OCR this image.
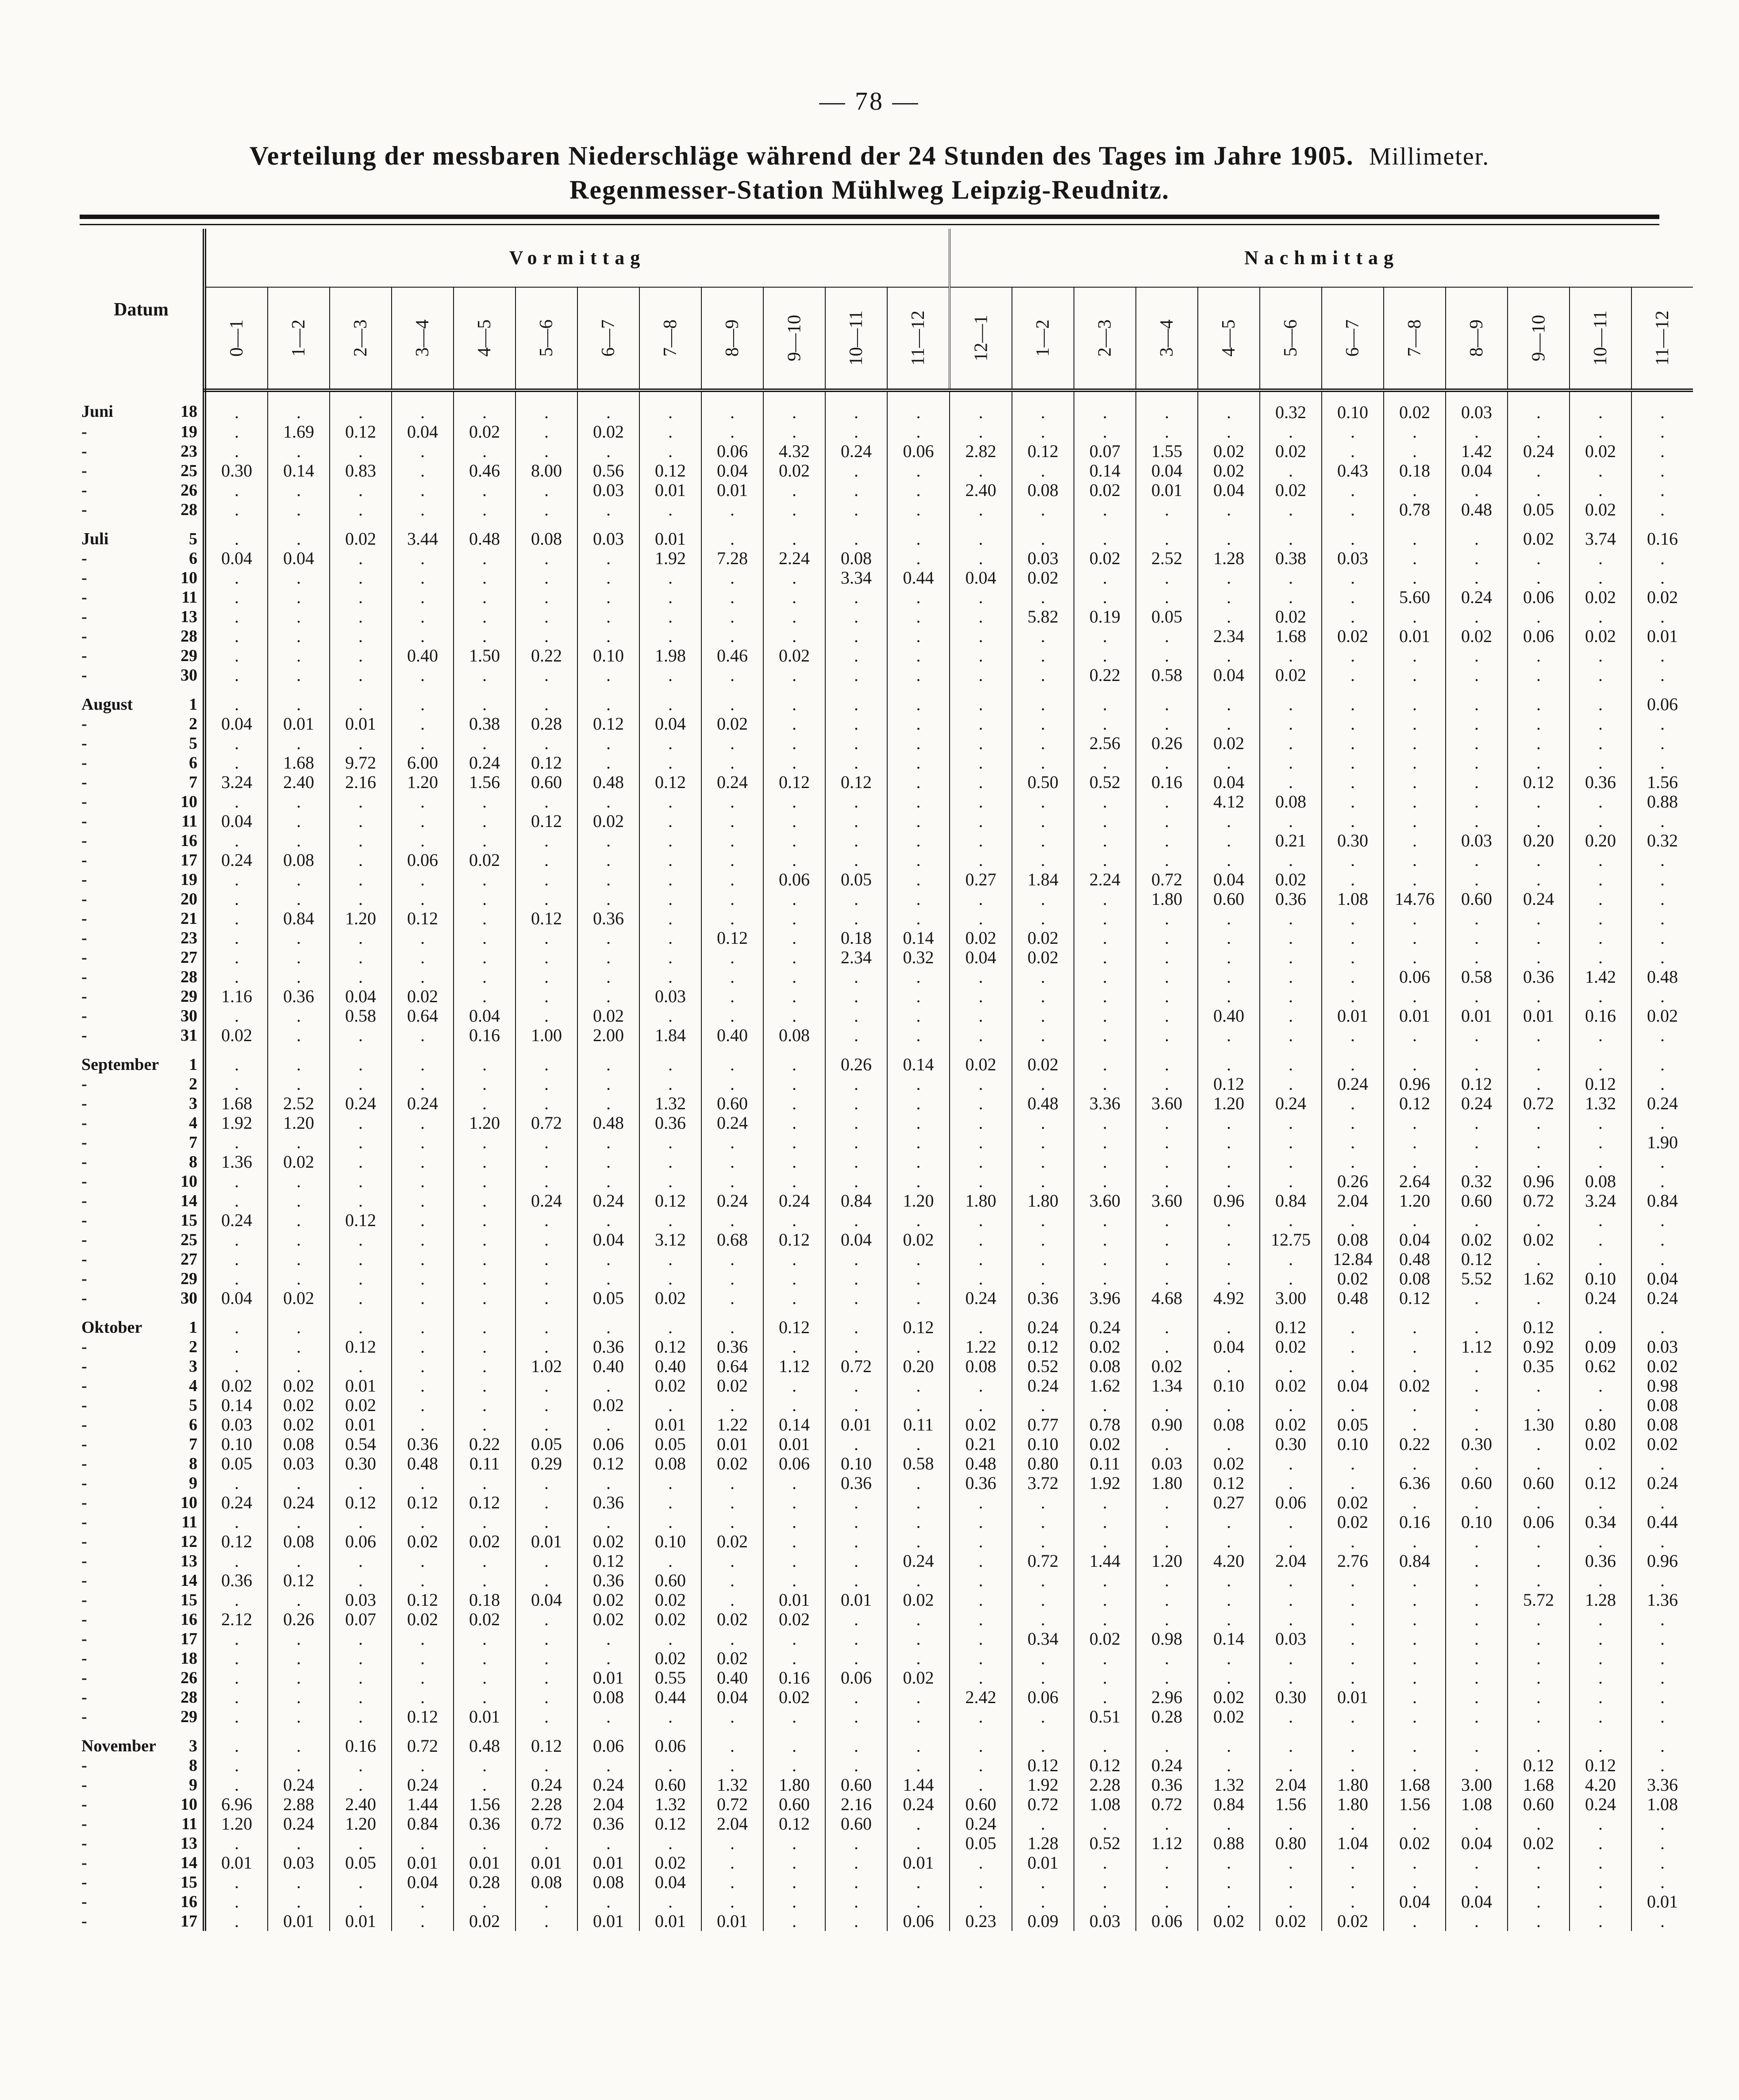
— 78 —
Verteilung der messbaren Niederschläge während der 24 Stunden des Tages im Jahre 1905. Millimeter.
Regenmesser-Station Mühlweg Leipzig-Reudnitz.
Datum	Vormittag												Nachmittag											
	0—1	1—2	2—3	3—4	4—5	5—6	6—7	7—8	8—9	9—10	10—11	11—12	12—1	1—2	2—3	3—4	4—5	5—6	6—7	7—8	8—9	9—10	10—11	11—12

Juni 18	.	.	.	.	.	.	.	.	.	.	.	.	.	.	.	.	.	0.32	0.10	0.02	0.03	.	.	.

- 19	.	1.69	0.12	0.04	0.02	.	0.02	.	.	.	.	.	.	.	.	.	.	.	.	.	.	.	.	.

- 23	.	.	.	.	.	.	.	.	0.06	4.32	0.24	0.06	2.82	0.12	0.07	1.55	0.02	0.02	.	.	1.42	0.24	0.02	.

- 25	0.30	0.14	0.83	.	0.46	8.00	0.56	0.12	0.04	0.02	.	.	.	.	0.14	0.04	0.02	.	0.43	0.18	0.04	.	.	.

- 26	.	.	.	.	.	.	0.03	0.01	0.01	.	.	.	2.40	0.08	0.02	0.01	0.04	0.02	.	.	.	.	.	.

- 28	.	.	.	.	.	.	.	.	.	.	.	.	.	.	.	.	.	.	.	0.78	0.48	0.05	0.02	.

Juli 5	.	.	0.02	3.44	0.48	0.08	0.03	0.01	.	.	.	.	.	.	.	.	.	.	.	.	.	0.02	3.74	0.16

- 6	0.04	0.04	.	.	.	.	.	1.92	7.28	2.24	0.08	.	.	0.03	0.02	2.52	1.28	0.38	0.03	.	.	.	.	.

- 10	.	.	.	.	.	.	.	.	.	.	3.34	0.44	0.04	0.02	.	.	.	.	.	.	.	.	.	.

- 11	.	.	.	.	.	.	.	.	.	.	.	.	.	.	.	.	.	.	.	5.60	0.24	0.06	0.02	0.02

- 13	.	.	.	.	.	.	.	.	.	.	.	.	.	5.82	0.19	0.05	.	0.02	.	.	.	.	.	.

- 28	.	.	.	.	.	.	.	.	.	.	.	.	.	.	.	.	2.34	1.68	0.02	0.01	0.02	0.06	0.02	0.01

- 29	.	.	.	0.40	1.50	0.22	0.10	1.98	0.46	0.02	.	.	.	.	.	.	.	.	.	.	.	.	.	.

- 30	.	.	.	.	.	.	.	.	.	.	.	.	.	.	0.22	0.58	0.04	0.02	.	.	.	.	.	.

August 1	.	.	.	.	.	.	.	.	.	.	.	.	.	.	.	.	.	.	.	.	.	.	.	0.06

- 2	0.04	0.01	0.01	.	0.38	0.28	0.12	0.04	0.02	.	.	.	.	.	.	.	.	.	.	.	.	.	.	.

- 5	.	.	.	.	.	.	.	.	.	.	.	.	.	.	2.56	0.26	0.02	.	.	.	.	.	.	.

- 6	.	1.68	9.72	6.00	0.24	0.12	.	.	.	.	.	.	.	.	.	.	.	.	.	.	.	.	.	.

- 7	3.24	2.40	2.16	1.20	1.56	0.60	0.48	0.12	0.24	0.12	0.12	.	.	0.50	0.52	0.16	0.04	.	.	.	.	0.12	0.36	1.56

- 10	.	.	.	.	.	.	.	.	.	.	.	.	.	.	.	.	4.12	0.08	.	.	.	.	.	0.88

- 11	0.04	.	.	.	.	0.12	0.02	.	.	.	.	.	.	.	.	.	.	.	.	.	.	.	.	.

- 16	.	.	.	.	.	.	.	.	.	.	.	.	.	.	.	.	.	0.21	0.30	.	0.03	0.20	0.20	0.32

- 17	0.24	0.08	.	0.06	0.02	.	.	.	.	.	.	.	.	.	.	.	.	.	.	.	.	.	.	.

- 19	.	.	.	.	.	.	.	.	.	0.06	0.05	.	0.27	1.84	2.24	0.72	0.04	0.02	.	.	.	.	.	.

- 20	.	.	.	.	.	.	.	.	.	.	.	.	.	.	.	1.80	0.60	0.36	1.08	14.76	0.60	0.24	.	.

- 21	.	0.84	1.20	0.12	.	0.12	0.36	.	.	.	.	.	.	.	.	.	.	.	.	.	.	.	.	.

- 23	.	.	.	.	.	.	.	.	0.12	.	0.18	0.14	0.02	0.02	.	.	.	.	.	.	.	.	.	.

- 27	.	.	.	.	.	.	.	.	.	.	2.34	0.32	0.04	0.02	.	.	.	.	.	.	.	.	.	.

- 28	.	.	.	.	.	.	.	.	.	.	.	.	.	.	.	.	.	.	.	0.06	0.58	0.36	1.42	0.48

- 29	1.16	0.36	0.04	0.02	.	.	.	0.03	.	.	.	.	.	.	.	.	.	.	.	.	.	.	.	.

- 30	.	.	0.58	0.64	0.04	.	0.02	.	.	.	.	.	.	.	.	.	0.40	.	0.01	0.01	0.01	0.01	0.16	0.02

- 31	0.02	.	.	.	0.16	1.00	2.00	1.84	0.40	0.08	.	.	.	.	.	.	.	.	.	.	.	.	.	.

September 1	.	.	.	.	.	.	.	.	.	.	0.26	0.14	0.02	0.02	.	.	.	.	.	.	.	.	.	.

- 2	.	.	.	.	.	.	.	.	.	.	.	.	.	.	.	.	0.12	.	0.24	0.96	0.12	.	0.12	.

- 3	1.68	2.52	0.24	0.24	.	.	.	1.32	0.60	.	.	.	.	0.48	3.36	3.60	1.20	0.24	.	0.12	0.24	0.72	1.32	0.24

- 4	1.92	1.20	.	.	1.20	0.72	0.48	0.36	0.24	.	.	.	.	.	.	.	.	.	.	.	.	.	.	.

- 7	.	.	.	.	.	.	.	.	.	.	.	.	.	.	.	.	.	.	.	.	.	.	.	1.90

- 8	1.36	0.02	.	.	.	.	.	.	.	.	.	.	.	.	.	.	.	.	.	.	.	.	.	.

- 10	.	.	.	.	.	.	.	.	.	.	.	.	.	.	.	.	.	.	0.26	2.64	0.32	0.96	0.08	.

- 14	.	.	.	.	.	0.24	0.24	0.12	0.24	0.24	0.84	1.20	1.80	1.80	3.60	3.60	0.96	0.84	2.04	1.20	0.60	0.72	3.24	0.84

- 15	0.24	.	0.12	.	.	.	.	.	.	.	.	.	.	.	.	.	.	.	.	.	.	.	.	.

- 25	.	.	.	.	.	.	0.04	3.12	0.68	0.12	0.04	0.02	.	.	.	.	.	12.75	0.08	0.04	0.02	0.02	.	.

- 27	.	.	.	.	.	.	.	.	.	.	.	.	.	.	.	.	.	.	12.84	0.48	0.12	.	.	.

- 29	.	.	.	.	.	.	.	.	.	.	.	.	.	.	.	.	.	.	0.02	0.08	5.52	1.62	0.10	0.04

- 30	0.04	0.02	.	.	.	.	0.05	0.02	.	.	.	.	0.24	0.36	3.96	4.68	4.92	3.00	0.48	0.12	.	.	0.24	0.24

Oktober 1	.	.	.	.	.	.	.	.	.	0.12	.	0.12	.	0.24	0.24	.	.	0.12	.	.	.	0.12	.	.

- 2	.	.	0.12	.	.	.	0.36	0.12	0.36	.	.	.	1.22	0.12	0.02	.	0.04	0.02	.	.	1.12	0.92	0.09	0.03

- 3	.	.	.	.	.	1.02	0.40	0.40	0.64	1.12	0.72	0.20	0.08	0.52	0.08	0.02	.	.	.	.	.	0.35	0.62	0.02

- 4	0.02	0.02	0.01	.	.	.	.	0.02	0.02	.	.	.	.	0.24	1.62	1.34	0.10	0.02	0.04	0.02	.	.	.	0.98

- 5	0.14	0.02	0.02	.	.	.	0.02	.	.	.	.	.	.	.	.	.	.	.	.	.	.	.	.	0.08

- 6	0.03	0.02	0.01	.	.	.	.	0.01	1.22	0.14	0.01	0.11	0.02	0.77	0.78	0.90	0.08	0.02	0.05	.	.	1.30	0.80	0.08

- 7	0.10	0.08	0.54	0.36	0.22	0.05	0.06	0.05	0.01	0.01	.	.	0.21	0.10	0.02	.	.	0.30	0.10	0.22	0.30	.	0.02	0.02

- 8	0.05	0.03	0.30	0.48	0.11	0.29	0.12	0.08	0.02	0.06	0.10	0.58	0.48	0.80	0.11	0.03	0.02	.	.	.	.	.	.	.

- 9	.	.	.	.	.	.	.	.	.	.	0.36	.	0.36	3.72	1.92	1.80	0.12	.	.	6.36	0.60	0.60	0.12	0.24

- 10	0.24	0.24	0.12	0.12	0.12	.	0.36	.	.	.	.	.	.	.	.	.	0.27	0.06	0.02	.	.	.	.	.

- 11	.	.	.	.	.	.	.	.	.	.	.	.	.	.	.	.	.	.	0.02	0.16	0.10	0.06	0.34	0.44

- 12	0.12	0.08	0.06	0.02	0.02	0.01	0.02	0.10	0.02	.	.	.	.	.	.	.	.	.	.	.	.	.	.	.

- 13	.	.	.	.	.	.	0.12	.	.	.	.	0.24	.	0.72	1.44	1.20	4.20	2.04	2.76	0.84	.	.	0.36	0.96

- 14	0.36	0.12	.	.	.	.	0.36	0.60	.	.	.	.	.	.	.	.	.	.	.	.	.	.	.	.

- 15	.	.	0.03	0.12	0.18	0.04	0.02	0.02	.	0.01	0.01	0.02	.	.	.	.	.	.	.	.	.	5.72	1.28	1.36

- 16	2.12	0.26	0.07	0.02	0.02	.	0.02	0.02	0.02	0.02	.	.	.	.	.	.	.	.	.	.	.	.	.	.

- 17	.	.	.	.	.	.	.	.	.	.	.	.	.	0.34	0.02	0.98	0.14	0.03	.	.	.	.	.	.

- 18	.	.	.	.	.	.	.	0.02	0.02	.	.	.	.	.	.	.	.	.	.	.	.	.	.	.

- 26	.	.	.	.	.	.	0.01	0.55	0.40	0.16	0.06	0.02	.	.	.	.	.	.	.	.	.	.	.	.

- 28	.	.	.	.	.	.	0.08	0.44	0.04	0.02	.	.	2.42	0.06	.	2.96	0.02	0.30	0.01	.	.	.	.	.

- 29	.	.	.	0.12	0.01	.	.	.	.	.	.	.	.	.	0.51	0.28	0.02	.	.	.	.	.	.	.

November 3	.	.	0.16	0.72	0.48	0.12	0.06	0.06	.	.	.	.	.	.	.	.	.	.	.	.	.	.	.	.

- 8	.	.	.	.	.	.	.	.	.	.	.	.	.	0.12	0.12	0.24	.	.	.	.	.	0.12	0.12	.

- 9	.	0.24	.	0.24	.	0.24	0.24	0.60	1.32	1.80	0.60	1.44	.	1.92	2.28	0.36	1.32	2.04	1.80	1.68	3.00	1.68	4.20	3.36

- 10	6.96	2.88	2.40	1.44	1.56	2.28	2.04	1.32	0.72	0.60	2.16	0.24	0.60	0.72	1.08	0.72	0.84	1.56	1.80	1.56	1.08	0.60	0.24	1.08

- 11	1.20	0.24	1.20	0.84	0.36	0.72	0.36	0.12	2.04	0.12	0.60	.	0.24	.	.	.	.	.	.	.	.	.	.	.

- 13	.	.	.	.	.	.	.	.	.	.	.	.	0.05	1.28	0.52	1.12	0.88	0.80	1.04	0.02	0.04	0.02	.	.

- 14	0.01	0.03	0.05	0.01	0.01	0.01	0.01	0.02	.	.	.	0.01	.	0.01	.	.	.	.	.	.	.	.	.	.

- 15	.	.	.	0.04	0.28	0.08	0.08	0.04	.	.	.	.	.	.	.	.	.	.	.	.	.	.	.	.

- 16	.	.	.	.	.	.	.	.	.	.	.	.	.	.	.	.	.	.	.	0.04	0.04	.	.	0.01

- 17	.	0.01	0.01	.	0.02	.	0.01	0.01	0.01	.	.	0.06	0.23	0.09	0.03	0.06	0.02	0.02	0.02	.	.	.	.	.
